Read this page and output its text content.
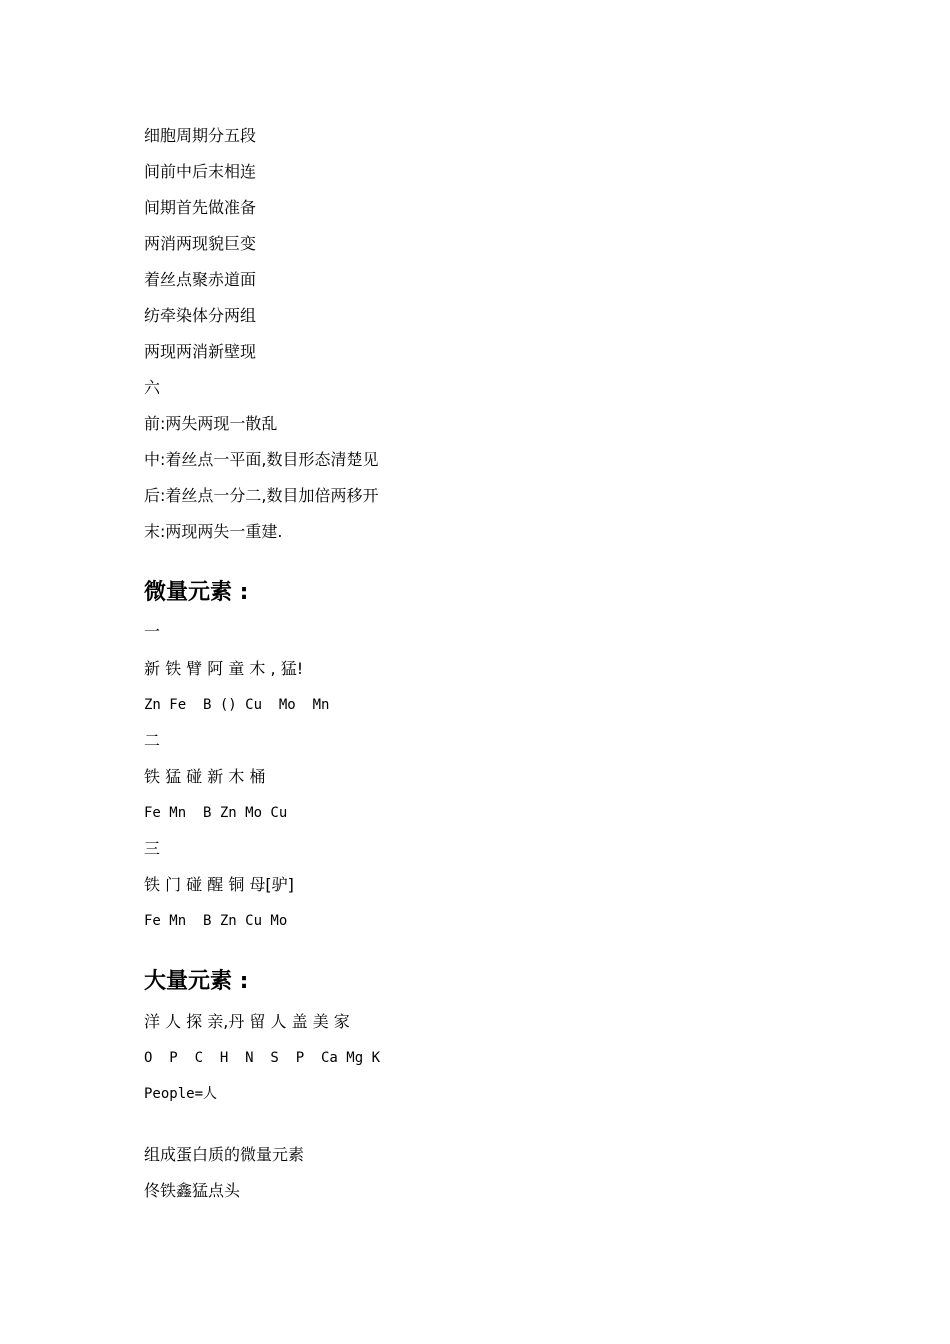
细胞周期分五段
间前中后末相连
间期首先做准备
两消两现貌巨变
着丝点聚赤道面
纺牵染体分两组
两现两消新壁现
六
前:两失两现一散乱
中:着丝点一平面,数目形态清楚见
后:着丝点一分二,数目加倍两移开
末:两现两失一重建.
微量元素 :
一
新 铁 臂 阿 童 木 , 猛!
Zn Fe  B () Cu  Mo  Mn
二
铁 猛 碰 新 木 桶
Fe Mn  B Zn Mo Cu
三
铁 门 碰 醒 铜 母[驴]
Fe Mn  B Zn Cu Mo
大量元素 :
洋 人 探 亲,丹 留 人 盖 美 家
O  P  C  H  N  S  P  Ca Mg K
People=人
组成蛋白质的微量元素
佟铁鑫猛点头
